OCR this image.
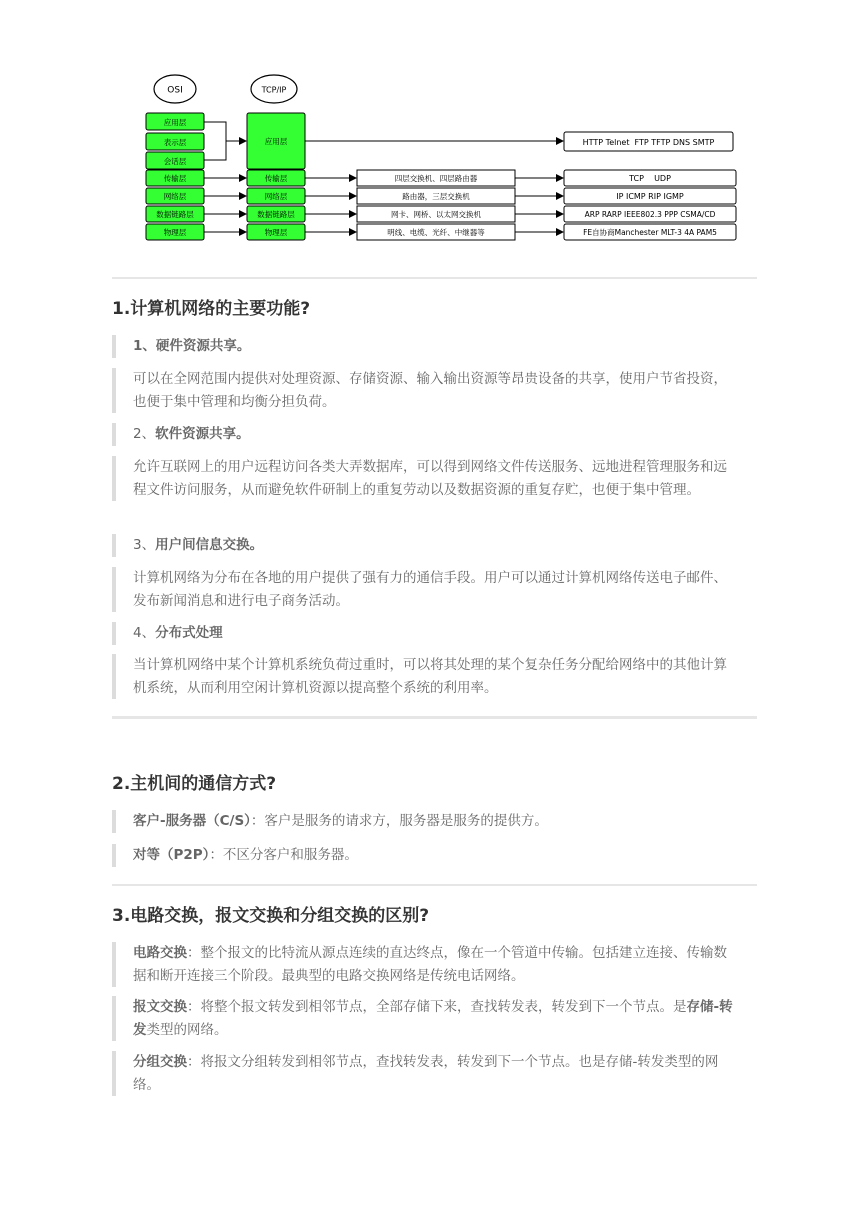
OSI	TCP/IP
应用层
表示层
会话层
传输层
网络层
数据链路层
物理层
应用层
传输层
网络层
数据链路层
物理层
四层交换机、四层路由器
路由器，三层交换机
网卡、网桥、以太网交换机
明线、电缆、光纤、中继器等
HTTP Telnet  FTP TFTP DNS SMTP
TCP    UDP
IP ICMP RIP IGMP
ARP RARP IEEE802.3 PPP CSMA/CD
FE自协商Manchester MLT-3 4A PAM5
1.计算机网络的主要功能?
1、硬件资源共享。
可以在全网范围内提供对处理资源、存储资源、输入输出资源等昂贵设备的共享，使用户节省投资，也便于集中管理和均衡分担负荷。
2、软件资源共享。
允许互联网上的用户远程访问各类大弄数据库，可以得到网络文件传送服务、远地进程管理服务和远程文件访问服务，从而避免软件研制上的重复劳动以及数据资源的重复存贮，也便于集中管理。
3、用户间信息交换。
计算机网络为分布在各地的用户提供了强有力的通信手段。用户可以通过计算机网络传送电子邮件、发布新闻消息和进行电子商务活动。
4、分布式处理
当计算机网络中某个计算机系统负荷过重时，可以将其处理的某个复杂任务分配给网络中的其他计算机系统，从而利用空闲计算机资源以提高整个系统的利用率。
2.主机间的通信方式?
客户-服务器（C/S）：客户是服务的请求方，服务器是服务的提供方。
对等（P2P）：不区分客户和服务器。
3.电路交换，报文交换和分组交换的区别?
电路交换：整个报文的比特流从源点连续的直达终点，像在一个管道中传输。包括建立连接、传输数据和断开连接三个阶段。最典型的电路交换网络是传统电话网络。
报文交换：将整个报文转发到相邻节点，全部存储下来，查找转发表，转发到下一个节点。是存储-转发类型的网络。
分组交换：将报文分组转发到相邻节点，查找转发表，转发到下一个节点。也是存储-转发类型的网络。
